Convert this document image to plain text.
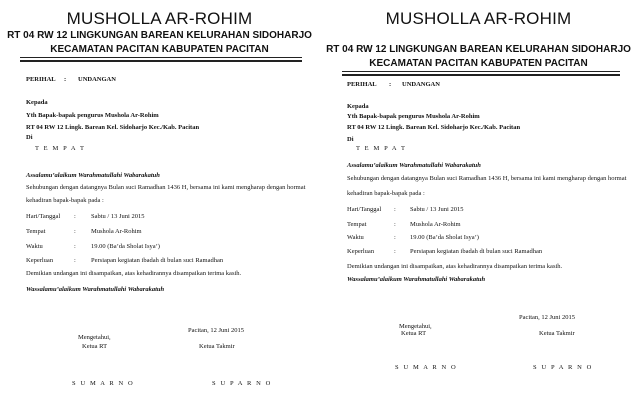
MUSHOLLA AR-ROHIM
RT 04 RW 12 LINGKUNGAN BAREAN KELURAHAN SIDOHARJO
KECAMATAN PACITAN KABUPATEN PACITAN
PERIHAL : UNDANGAN
Kepada
Yth Bapak-bapak pengurus Mushola Ar-Rohim
RT 04 RW 12 Lingk. Barean Kel. Sidoharjo Kec./Kab. Pacitan
Di
T E M P A T
Assalamu’alaikum Warahmatullahi Wabarakatuh
Sehubungan dengan datangnya Bulan suci Ramadhan 1436 H, bersama ini kami mengharap dengan hormat
kehadiran bapak-bapak pada :
Hari/Tanggal : Sabtu / 13 Juni 2015
Tempat	: Mushola Ar-Rohim
Waktu	: 19.00 (Ba’da Sholat Isya’)
Keperluan	: Persiapan kegiatan ibadah di bulan suci Ramadhan
Demikian undangan ini disampaikan, atas kehadirannya disampaikan terima kasih.
Wassalamu’alaikum Warahmatullahi Wabarakatuh
Pacitan, 12 Juni 2015
Mengetahui,
Ketua RT	Ketua Takmir
S U M A R N O	S U P A R N O
MUSHOLLA AR-ROHIM
RT 04 RW 12 LINGKUNGAN BAREAN KELURAHAN SIDOHARJO
KECAMATAN PACITAN KABUPATEN PACITAN
PERIHAL : UNDANGAN
Kepada
Yth Bapak-bapak pengurus Mushola Ar-Rohim
RT 04 RW 12 Lingk. Barean Kel. Sidoharjo Kec./Kab. Pacitan
Di
T E M P A T
Assalamu’alaikum Warahmatullahi Wabarakatuh
Sehubungan dengan datangnya Bulan suci Ramadhan 1436 H, bersama ini kami mengharap dengan hormat
kehadiran bapak-bapak pada :
Hari/Tanggal : Sabtu / 13 Juni 2015
Tempat	: Mushola Ar-Rohim
Waktu	: 19.00 (Ba’da Sholat Isya’)
Keperluan	: Persiapan kegiatan ibadah di bulan suci Ramadhan
Demikian undangan ini disampaikan, atas kehadirannya disampaikan terima kasih.
Wassalamu’alaikum Warahmatullahi Wabarakatuh
Pacitan, 12 Juni 2015
Mengetahui,
Ketua RT	Ketua Takmir
S U M A R N O	S U P A R N O
